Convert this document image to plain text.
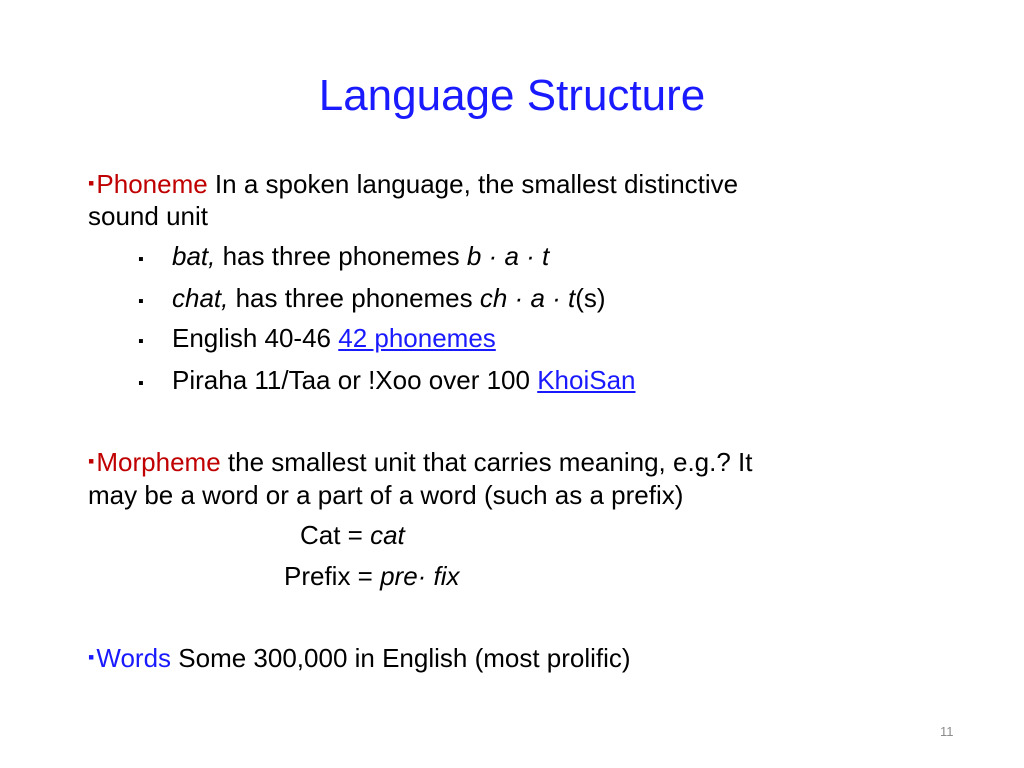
Language Structure
▪Phoneme In a spoken language, the smallest distinctive
sound unit
▪ bat, has three phonemes b · a · t
▪ chat, has three phonemes ch · a · t(s)
▪ English 40-46 42 phonemes
▪ Piraha 11/Taa or !Xoo over 100 KhoiSan
▪Morpheme the smallest unit that carries meaning, e.g.? It
may be a word or a part of a word (such as a prefix)
Cat = cat
Prefix = pre· fix
▪Words Some 300,000 in English (most prolific)
11
